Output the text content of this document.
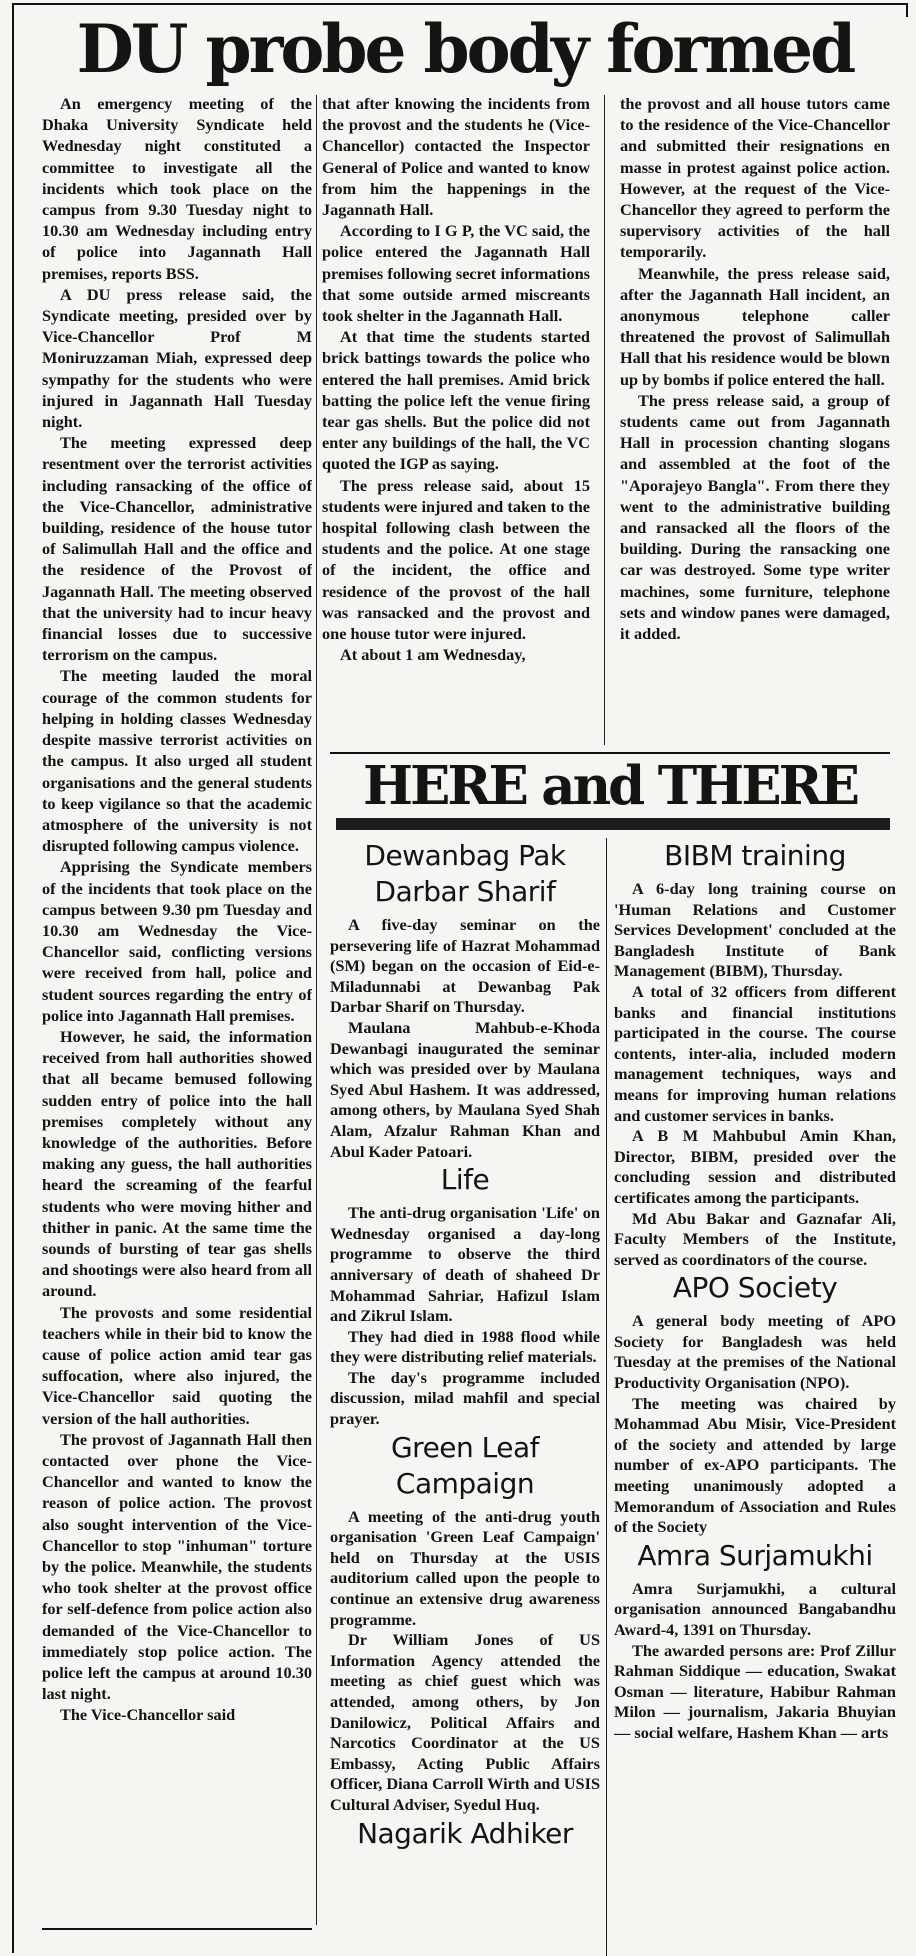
DU probe body formed

An emergency meeting of the Dhaka University Syndicate held Wednesday night constituted a committee to investigate all the incidents which took place on the campus from 9.30 Tuesday night to 10.30 am Wednesday including entry of police into Jagannath Hall premises, reports BSS.

A DU press release said, the Syndicate meeting, presided over by Vice-Chancellor Prof M Moniruzzaman Miah, expressed deep sympathy for the students who were injured in Jagannath Hall Tuesday night.

The meeting expressed deep resentment over the terrorist activities including ransacking of the office of the Vice-Chancellor, administrative building, residence of the house tutor of Salimullah Hall and the office and the residence of the Provost of Jagannath Hall. The meeting observed that the university had to incur heavy financial losses due to successive terrorism on the campus.

The meeting lauded the moral courage of the common students for helping in holding classes Wednesday despite massive terrorist activities on the campus. It also urged all student organisations and the general students to keep vigilance so that the academic atmosphere of the university is not disrupted following campus violence.

Apprising the Syndicate members of the incidents that took place on the campus between 9.30 pm Tuesday and 10.30 am Wednesday the Vice-Chancellor said, conflicting versions were received from hall, police and student sources regarding the entry of police into Jagannath Hall premises.

However, he said, the information received from hall authorities showed that all became bemused following sudden entry of police into the hall premises completely without any knowledge of the authorities. Before making any guess, the hall authorities heard the screaming of the fearful students who were moving hither and thither in panic. At the same time the sounds of bursting of tear gas shells and shootings were also heard from all around.

The provosts and some residential teachers while in their bid to know the cause of police action amid tear gas suffocation, where also injured, the Vice-Chancellor said quoting the version of the hall authorities.

The provost of Jagannath Hall then contacted over phone the Vice-Chancellor and wanted to know the reason of police action. The provost also sought intervention of the Vice-Chancellor to stop "inhuman" torture by the police. Meanwhile, the students who took shelter at the provost office for self-defence from police action also demanded of the Vice-Chancellor to immediately stop police action. The police left the campus at around 10.30 last night.

The Vice-Chancellor said

that after knowing the incidents from the provost and the students he (Vice-Chancellor) contacted the Inspector General of Police and wanted to know from him the happenings in the Jagannath Hall.

According to I G P, the VC said, the police entered the Jagannath Hall premises following secret informations that some outside armed miscreants took shelter in the Jagannath Hall.

At that time the students started brick battings towards the police who entered the hall premises. Amid brick batting the police left the venue firing tear gas shells. But the police did not enter any buildings of the hall, the VC quoted the IGP as saying.

The press release said, about 15 students were injured and taken to the hospital following clash between the students and the police. At one stage of the incident, the office and residence of the provost of the hall was ransacked and the provost and one house tutor were injured.

At about 1 am Wednesday,

the provost and all house tutors came to the residence of the Vice-Chancellor and submitted their resignations en masse in protest against police action. However, at the request of the Vice-Chancellor they agreed to perform the supervisory activities of the hall temporarily.

Meanwhile, the press release said, after the Jagannath Hall incident, an anonymous telephone caller threatened the provost of Salimullah Hall that his residence would be blown up by bombs if police entered the hall.

The press release said, a group of students came out from Jagannath Hall in procession chanting slogans and assembled at the foot of the "Aporajeyo Bangla". From there they went to the administrative building and ransacked all the floors of the building. During the ransacking one car was destroyed. Some type writer machines, some furniture, telephone sets and window panes were damaged, it added.

HERE and THERE
Dewanbag Pak Darbar Sharif

A five-day seminar on the persevering life of Hazrat Mohammad (SM) began on the occasion of Eid-e-Miladunnabi at Dewanbag Pak Darbar Sharif on Thursday.

Maulana Mahbub-e-Khoda Dewanbagi inaugurated the seminar which was presided over by Maulana Syed Abul Hashem. It was addressed, among others, by Maulana Syed Shah Alam, Afzalur Rahman Khan and Abul Kader Patoari.

Life

The anti-drug organisation 'Life' on Wednesday organised a day-long programme to observe the third anniversary of death of shaheed Dr Mohammad Sahriar, Hafizul Islam and Zikrul Islam.

They had died in 1988 flood while they were distributing relief materials.

The day's programme included discussion, milad mahfil and special prayer.

Green Leaf Campaign

A meeting of the anti-drug youth organisation 'Green Leaf Campaign' held on Thursday at the USIS auditorium called upon the people to continue an extensive drug awareness programme.

Dr William Jones of US Information Agency attended the meeting as chief guest which was attended, among others, by Jon Danilowicz, Political Affairs and Narcotics Coordinator at the US Embassy, Acting Public Affairs Officer, Diana Carroll Wirth and USIS Cultural Adviser, Syedul Huq.

Nagarik Adhiker
BIBM training

A 6-day long training course on 'Human Relations and Customer Services Development' concluded at the Bangladesh Institute of Bank Management (BIBM), Thursday.

A total of 32 officers from different banks and financial institutions participated in the course. The course contents, inter-alia, included modern management techniques, ways and means for improving human relations and customer services in banks.

A B M Mahbubul Amin Khan, Director, BIBM, presided over the concluding session and distributed certificates among the participants.

Md Abu Bakar and Gaznafar Ali, Faculty Members of the Institute, served as coordinators of the course.

APO Society

A general body meeting of APO Society for Bangladesh was held Tuesday at the premises of the National Productivity Organisation (NPO).

The meeting was chaired by Mohammad Abu Misir, Vice-President of the society and attended by large number of ex-APO participants. The meeting unanimously adopted a Memorandum of Association and Rules of the Society

Amra Surjamukhi

Amra Surjamukhi, a cultural organisation announced Bangabandhu Award-4, 1391 on Thursday.

The awarded persons are: Prof Zillur Rahman Siddique — education, Swakat Osman — literature, Habibur Rahman Milon — journalism, Jakaria Bhuyian — social welfare, Hashem Khan — arts
